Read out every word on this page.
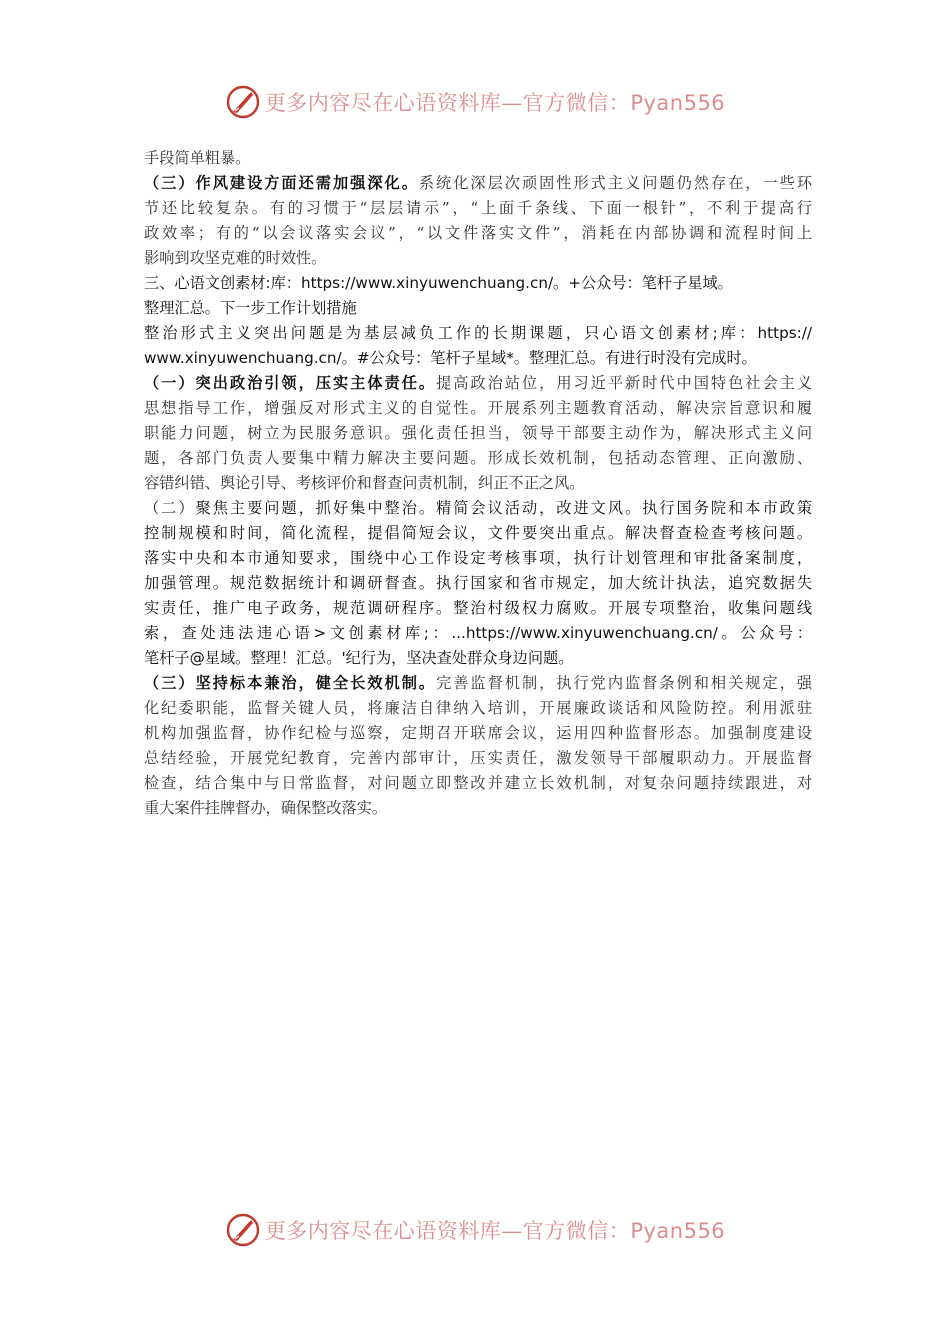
更多内容尽在心语资料库—官方微信：Pyan556
手段简单粗暴。
（三）作风建设方面还需加强深化。系统化深层次顽固性形式主义问题仍然存在，一些环
节还比较复杂。有的习惯于“层层请示”，“上面千条线、下面一根针”，不利于提高行
政效率；有的“以会议落实会议”，“以文件落实文件”，消耗在内部协调和流程时间上
影响到攻坚克难的时效性。
三、心语文创素材:库：https://www.xinyuwenchuang.cn/。+公众号：笔杆子星域。
整理汇总。下一步工作计划措施
整治形式主义突出问题是为基层减负工作的长期课题，只心语文创素材;库：https://
www.xinyuwenchuang.cn/。#公众号：笔杆子星域*。整理汇总。有进行时没有完成时。
（一）突出政治引领，压实主体责任。提高政治站位，用习近平新时代中国特色社会主义
思想指导工作，增强反对形式主义的自觉性。开展系列主题教育活动，解决宗旨意识和履
职能力问题，树立为民服务意识。强化责任担当，领导干部要主动作为，解决形式主义问
题，各部门负责人要集中精力解决主要问题。形成长效机制，包括动态管理、正向激励、
容错纠错、舆论引导、考核评价和督查问责机制，纠正不正之风。
（二）聚焦主要问题，抓好集中整治。精简会议活动，改进文风。执行国务院和本市政策
控制规模和时间，简化流程，提倡简短会议，文件要突出重点。解决督查检查考核问题。
落实中央和本市通知要求，围绕中心工作设定考核事项，执行计划管理和审批备案制度，
加强管理。规范数据统计和调研督查。执行国家和省市规定，加大统计执法，追究数据失
实责任，推广电子政务，规范调研程序。整治村级权力腐败。开展专项整治，收集问题线
索，查处违法违心语>文创素材库;：...https://www.xinyuwenchuang.cn/。公众号：
笔杆子@星域。整理！汇总。'纪行为，坚决查处群众身边问题。
（三）坚持标本兼治，健全长效机制。完善监督机制，执行党内监督条例和相关规定，强
化纪委职能，监督关键人员，将廉洁自律纳入培训，开展廉政谈话和风险防控。利用派驻
机构加强监督，协作纪检与巡察，定期召开联席会议，运用四种监督形态。加强制度建设
总结经验，开展党纪教育，完善内部审计，压实责任，激发领导干部履职动力。开展监督
检查，结合集中与日常监督，对问题立即整改并建立长效机制，对复杂问题持续跟进，对
重大案件挂牌督办，确保整改落实。
更多内容尽在心语资料库—官方微信：Pyan556
